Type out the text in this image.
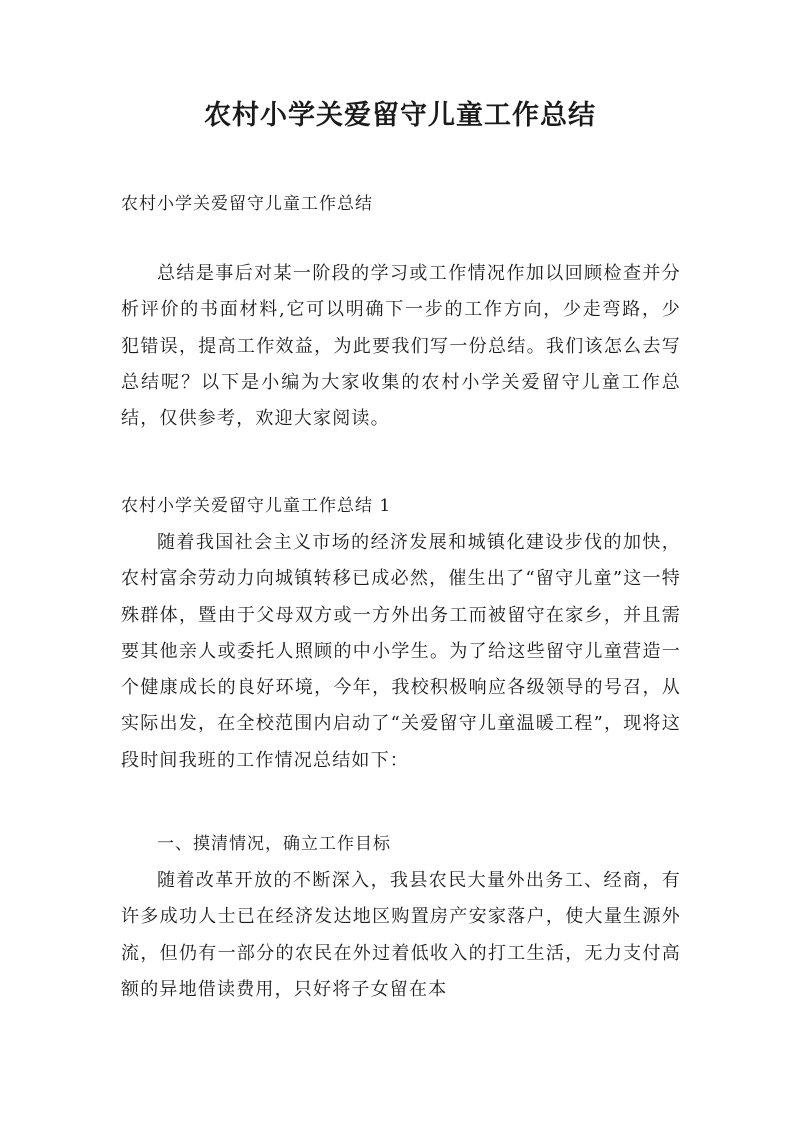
农村小学关爱留守儿童工作总结
农村小学关爱留守儿童工作总结
总结是事后对某一阶段的学习或工作情况作加以回顾检查并分析评价的书面材料,它可以明确下一步的工作方向，少走弯路，少犯错误，提高工作效益，为此要我们写一份总结。我们该怎么去写总结呢？以下是小编为大家收集的农村小学关爱留守儿童工作总结，仅供参考，欢迎大家阅读。
农村小学关爱留守儿童工作总结 1
随着我国社会主义市场的经济发展和城镇化建设步伐的加快，农村富余劳动力向城镇转移已成必然，催生出了“留守儿童”这一特殊群体，暨由于父母双方或一方外出务工而被留守在家乡，并且需要其他亲人或委托人照顾的中小学生。为了给这些留守儿童营造一个健康成长的良好环境，今年，我校积极响应各级领导的号召，从实际出发，在全校范围内启动了“关爱留守儿童温暖工程”，现将这段时间我班的工作情况总结如下：
一、摸清情况，确立工作目标
随着改革开放的不断深入，我县农民大量外出务工、经商，有许多成功人士已在经济发达地区购置房产安家落户，使大量生源外流，但仍有一部分的农民在外过着低收入的打工生活，无力支付高额的异地借读费用，只好将子女留在本
